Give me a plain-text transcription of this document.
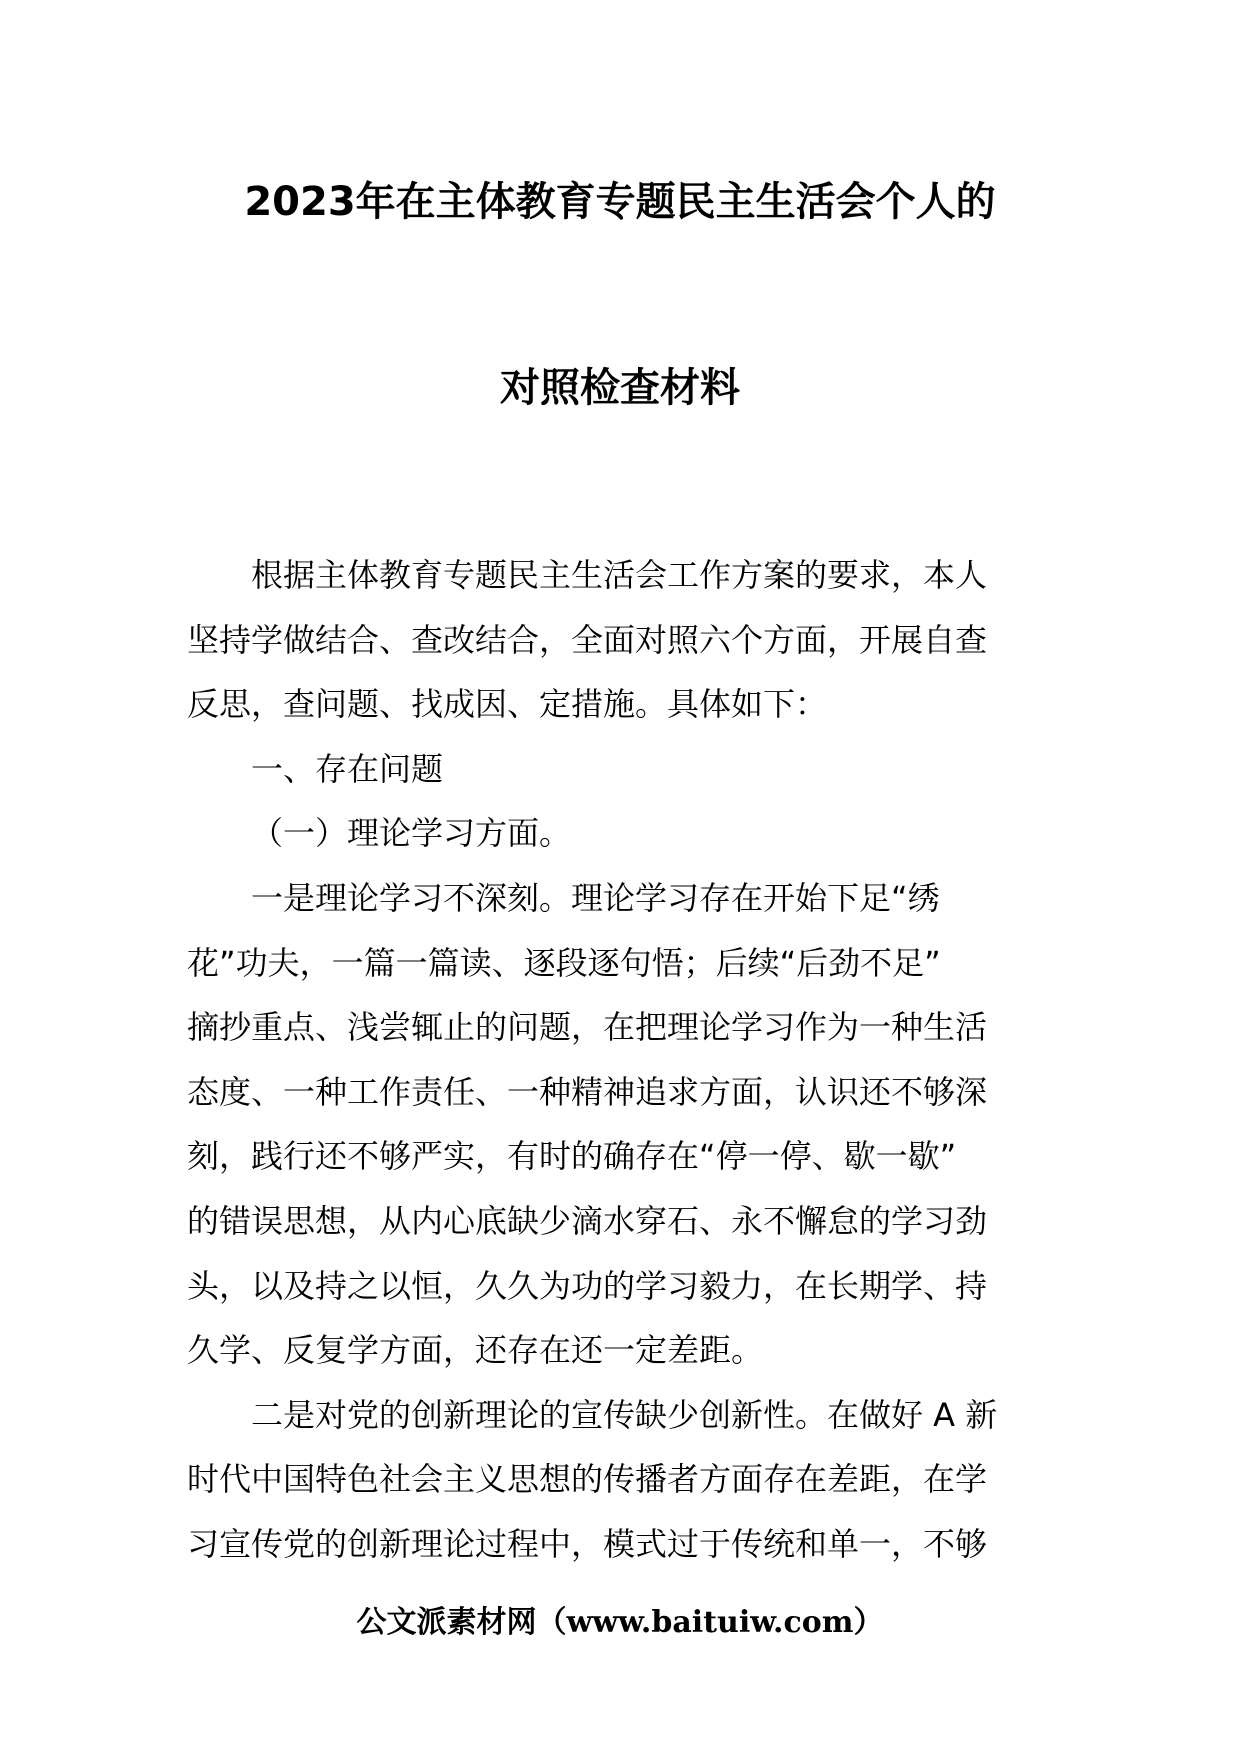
2023年在主体教育专题民主生活会个人的
对照检查材料

根据主体教育专题民主生活会工作方案的要求，本人
坚持学做结合、查改结合，全面对照六个方面，开展自查
反思，查问题、找成因、定措施。具体如下：

一、存在问题

（一）理论学习方面。

一是理论学习不深刻。理论学习存在开始下足“绣
花”功夫，一篇一篇读、逐段逐句悟；后续“后劲不足”
摘抄重点、浅尝辄止的问题，在把理论学习作为一种生活
态度、一种工作责任、一种精神追求方面，认识还不够深
刻，践行还不够严实，有时的确存在“停一停、歇一歇”
的错误思想，从内心底缺少滴水穿石、永不懈怠的学习劲
头，以及持之以恒，久久为功的学习毅力，在长期学、持
久学、反复学方面，还存在还一定差距。

二是对党的创新理论的宣传缺少创新性。在做好 A 新
时代中国特色社会主义思想的传播者方面存在差距，在学
习宣传党的创新理论过程中，模式过于传统和单一，不够

公文派素材网（www.baituiw.com）
